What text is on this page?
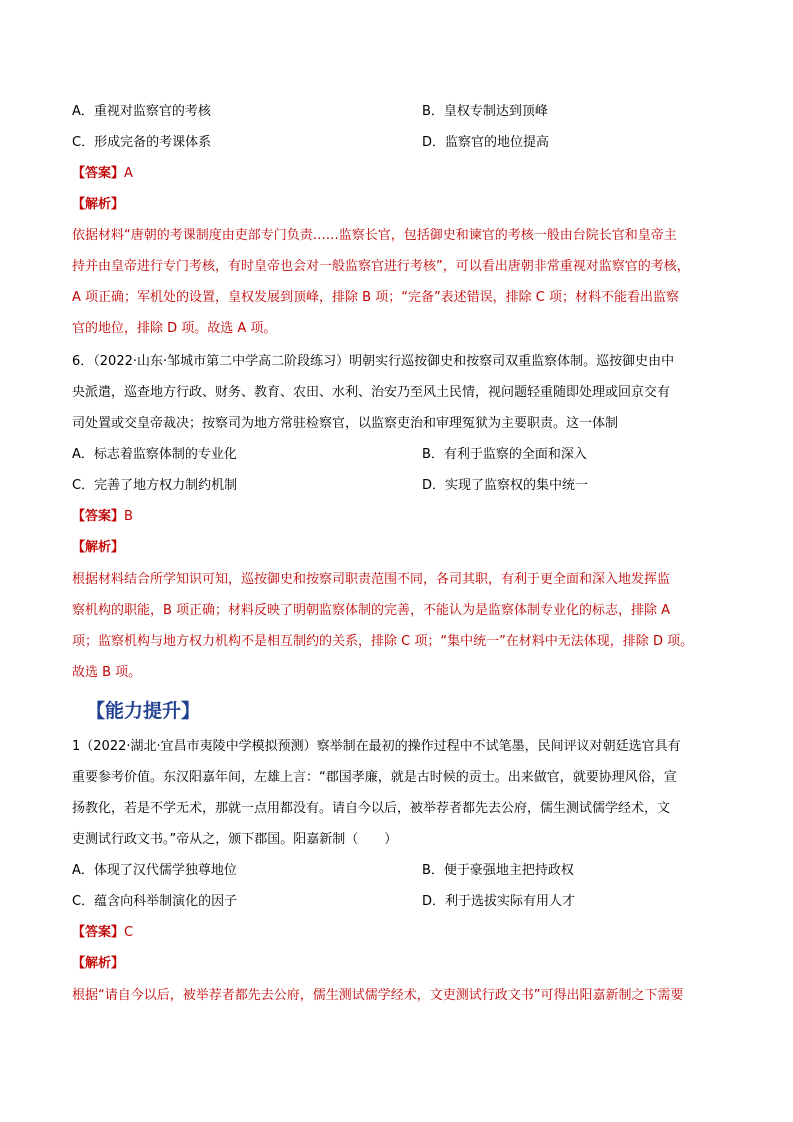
A．重视对监察官的考核	B．皇权专制达到顶峰
C．形成完备的考课体系	D．监察官的地位提高
【答案】A
【解析】
依据材料“唐朝的考课制度由吏部专门负责……监察长官，包括御史和谏官的考核一般由台院长官和皇帝主
持并由皇帝进行专门考核，有时皇帝也会对一般监察官进行考核”，可以看出唐朝非常重视对监察官的考核，
A 项正确；军机处的设置，皇权发展到顶峰，排除 B 项；“完备”表述错误，排除 C 项；材料不能看出监察
官的地位，排除 D 项。故选 A 项。
6．（2022·山东·邹城市第二中学高二阶段练习）明朝实行巡按御史和按察司双重监察体制。巡按御史由中
央派遣，巡查地方行政、财务、教育、农田、水利、治安乃至风土民情，视问题轻重随即处理或回京交有
司处置或交皇帝裁决；按察司为地方常驻检察官，以监察吏治和审理冤狱为主要职责。这一体制
A．标志着监察体制的专业化	B．有利于监察的全面和深入
C．完善了地方权力制约机制	D．实现了监察权的集中统一
【答案】B
【解析】
根据材料结合所学知识可知，巡按御史和按察司职责范围不同，各司其职，有利于更全面和深入地发挥监
察机构的职能，B 项正确；材料反映了明朝监察体制的完善，不能认为是监察体制专业化的标志，排除 A
项；监察机构与地方权力机构不是相互制约的关系，排除 C 项；“集中统一”在材料中无法体现，排除 D 项。
故选 B 项。
【能力提升】
1（2022·湖北·宜昌市夷陵中学模拟预测）察举制在最初的操作过程中不试笔墨，民间评议对朝廷选官具有
重要参考价值。东汉阳嘉年间，左雄上言：“郡国孝廉，就是古时候的贡士。出来做官，就要协理风俗，宣
扬教化，若是不学无术，那就一点用都没有。请自今以后，被举荐者都先去公府，儒生测试儒学经术，文
吏测试行政文书。”帝从之，颁下郡国。阳嘉新制（　　）
A．体现了汉代儒学独尊地位	B．便于豪强地主把持政权
C．蕴含向科举制演化的因子	D．利于选拔实际有用人才
【答案】C
【解析】
根据“请自今以后，被举荐者都先去公府，儒生测试儒学经术，文吏测试行政文书”可得出阳嘉新制之下需要
